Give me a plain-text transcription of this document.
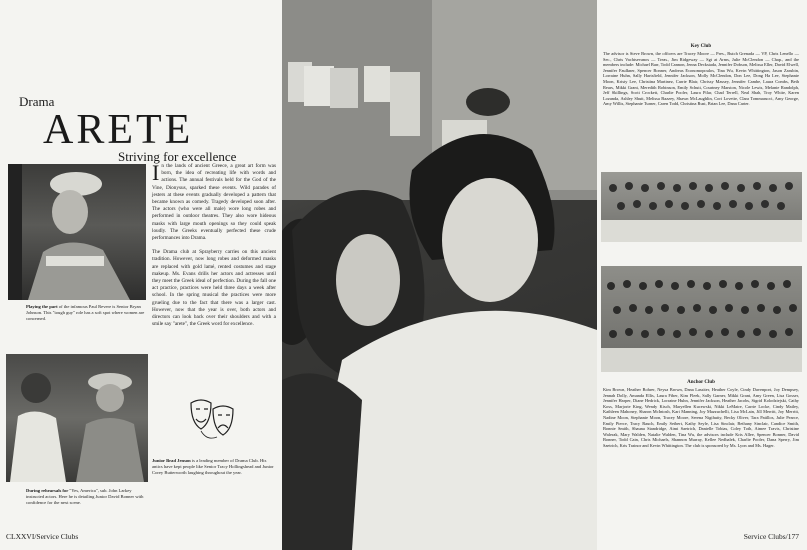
Drama
ARETE
Striving for excellence
Playing the part of the infamous Paul Revere is Senior Bryan Johnson. This "tough guy" role has a soft spot where women are concerned.
During rehearsals for "Yes, America", sub. John Larkey instructed actors. Here he is detailing Junior David Bonner with confidence for the next scene.

In the lands of ancient Greece, a great art form was born, the idea of recreating life with words and actions. The annual festivals held for the God of the Vine, Dionysus, sparked these events. Wild parades of jesters at these events gradually developed a pattern that became known as comedy. Tragedy developed soon after. The actors (who were all male) wore long robes and performed in outdoor theatres. They also wore hideous masks with large mouth openings so they could speak loudly. The Greeks eventually perfected these crude performances into Drama.

The Drama club at Sprayberry carries on this ancient tradition. However, now long robes and deformed masks are replaced with gold lamé, rented costumes and stage makeup. Ms. Evans drills her actors and actresses until they meet the Greek ideal of perfection. During the fall one act practice, practices were held three days a week after school. In the spring musical the practices were more grueling due to the fact that there was a larger cast. However, now that the year is over, both actors and directors can look back over their shoulders and with a smile say "arete", the Greek word for excellence.

Junior Brad Jenson is a leading member of Drama Club. His antics have kept people like Senior Tracy Hollingshead and Junior Corey Butterworth laughing throughout the year.
CLXXVI/Service Clubs
Key Club
The advisor is Steve Brown, the officers are Tracey Moore — Pres., Butch Grenada — VP, Chris Lenello — Sec., Chris Vachtsevanos — Treas., Jim Ridgeway — Sgt at Arms, Julie McClendon — Chap., and the members include: Michael Barr, Todd Cannon, Jenna Deckstada, Jennifer Dobson, Melissa Eller, David Elwell, Jennifer Faulkner, Spencer Bonner, Andreas Economopoulos, Tina Wu, Kevin Whittington, Jason Zarubin, Lorraine Huhn, Sally Hartsfield, Jennifer Jackson, Molly McClendon, Don Lee, Dong Ha Lee, Stephanie Moon, Kristy Lee, Christina Martinez, Carrie Blair, Chrissy Massey, Jennifer Cambe, Laura Combs, Beth Rears, Mikki Grant, Meredith Robinson, Emily Schutt, Courtney Marston, Nicole Lewis, Melanie Randolph, Jeff Skillings, Scott Crockett, Charlie Pooler, Laura Pilar, Chad Terrell, Neal Shah, Troy White, Karen Lozanda, Ashley Shutt, Melissa Bazzey, Shawn McLaughlin, Cori Lovette, Clara Tommarucci, Amy George, Amy Willis, Stephanie Turner, Caren Todd, Christina Rust, Brian Lee, Dana Carter.
Anchor Club
Kim Brown, Heather Bohrer, Neysa Brown, Dana Lassiter, Heather Coyle, Cindy Davenport, Joy Dempsey, Jennah Dolly, Amanda Ellis, Laura Fiber, Kim Fleek, Sally Garner, Mikki Grant, Amy Green, Lisa Gosser, Jennifer Harper, Diane Hedrick, Lorraine Huhn, Jennifer Jackson, Heather Jacobs, Sigrid Kolodziejski, Cathy Koss, Marjorie King, Wendy Kisch, Maryellen Kucewski, Nikki LeMaire, Carrie Locke, Cindy Mailey, Kathleen Mahoney, Sharon McIntosh, Kari Manning, Joy Mazzuchelli, Lisa McLain, Jill Merritt, Joy Merritt, Nadine Moon, Stephanie Moon, Tracey Moore, Serena Nigthutty, Becky Oliver, Tara Patillos, Julie Pearce, Emily Pierce, Tracy Rauch, Emily Seibert, Kathy Seyle, Lisa Sinclair, Bethany Sinclair, Candice Smith, Bonnie Smith, Shauna Standridge, Aimi Saetrich, Danielle Tobias, Coley Toth, Aimee Travis, Christine Walerak, Mary Walden, Natalie Walden, Tina Wu, the advisors include Kris Allee, Spencer Bonner, David Bonner, Todd Cain, Chris Michaels, Shannon Murray, Kellee Nedbalek, Charlie Pooler, Dana Sperry, Jim Saetrich, Kris Trainor and Kevin Whittington. The club is sponsored by Ms. Lyon and Ms. Hager.
Service Clubs/177
